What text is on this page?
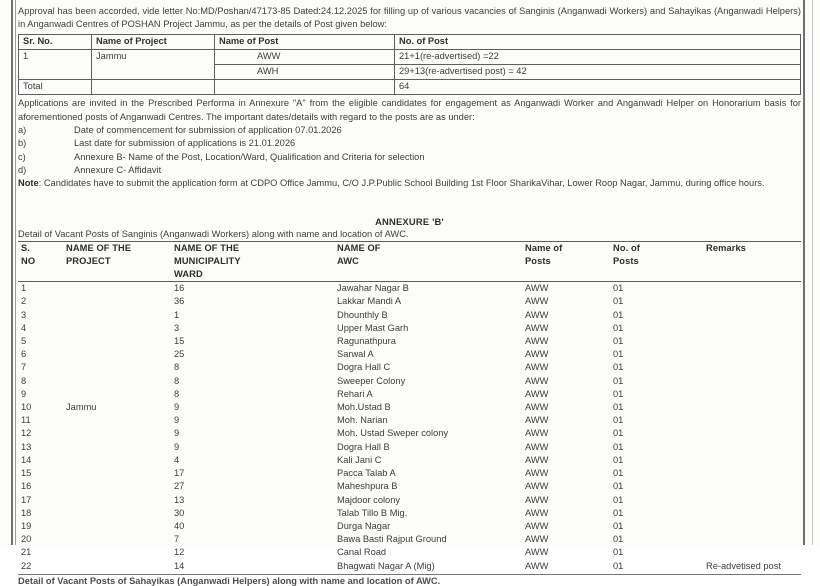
Approval has been accorded, vide letter No:MD/Poshan/47173-85 Dated:24.12.2025 for filling up of various vacancies of Sanginis (Anganwadi Workers) and Sahayikas (Anganwadi Helpers) in Anganwadi Centres of POSHAN Project Jammu, as per the details of Post given below:
Sr. No.	Name of Project	Name of Post	No. of Post
1	Jammu	AWW	21+1(re-advertised) =22
		AWH	29+13(re-advertised post) = 42
Total			64
Applications are invited in the Prescribed Performa in Annexure "A" from the eligible candidates for engagement as Anganwadi Worker and Anganwadi Helper on Honorarium basis for aforementioned posts of Anganwadi Centres. The important dates/details with regard to the posts are as under:
a)	Date of commencement for submission of application 07.01.2026
b)	Last date for submission of applications is 21.01.2026
c)	Annexure B- Name of the Post, Location/Ward, Qualification and Criteria for selection
d)	Annexure C- Affidavit
Note: Candidates have to submit the application form at CDPO Office Jammu, C/O J.P.Public School Building 1st Floor SharikaVihar, Lower Roop Nagar, Jammu, during office hours.
ANNEXURE 'B'
Detail of Vacant Posts of Sanginis (Anganwadi Workers) along with name and location of AWC.
S.	NAME OF THE	NAME OF THE	NAME OF	Name of	No. of	Remarks
NO	PROJECT	MUNICIPALITY	AWC	Posts	Posts	
		WARD				
1		16	Jawahar Nagar B	AWW	01	
2		36	Lakkar Mandi A	AWW	01	
3		1	Dhounthly B	AWW	01	
4		3	Upper Mast Garh	AWW	01	
5		15	Ragunathpura	AWW	01	
6		25	Sarwal A	AWW	01	
7		8	Dogra Hall C	AWW	01	
8		8	Sweeper Colony	AWW	01	
9		8	Rehari A	AWW	01	
10	Jammu	9	Moh.Ustad B	AWW	01	
11		9	Moh. Narian	AWW	01	
12		9	Moh. Ustad Sweper colony	AWW	01	
13		9	Dogra Hall B	AWW	01	
14		4	Kali Jani C	AWW	01	
15		17	Pacca Talab A	AWW	01	
16		27	Maheshpura B	AWW	01	
17		13	Majdoor colony	AWW	01	
18		30	Talab Tillo B Mig.	AWW	01	
19		40	Durga Nagar	AWW	01	
20		7	Bawa Basti Rajput Ground	AWW	01	
21		12	Canal Road	AWW	01	
22		14	Bhagwati Nagar A (Mig)	AWW	01	Re-advetised post
Detail of Vacant Posts of Sahayikas (Anganwadi Helpers) along with name and location of AWC.
